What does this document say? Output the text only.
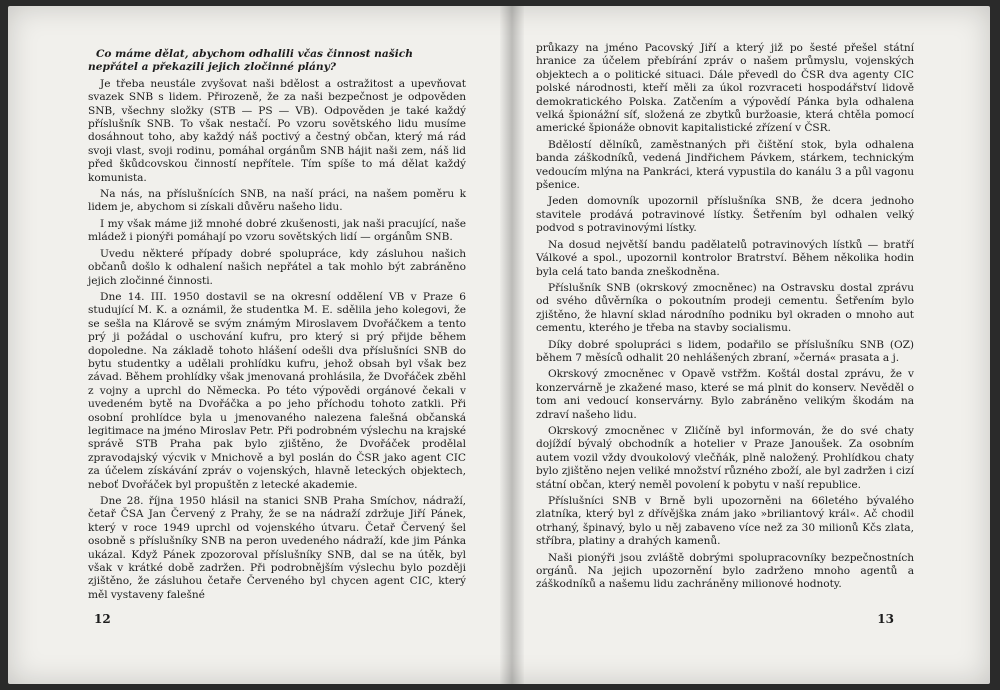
Co máme dělat, abychom odhalili včas činnost našich nepřátel a překazili jejich zločinné plány?

Je třeba neustále zvyšovat naši bdělost a ostražitost a upevňovat svazek SNB s lidem. Přirozeně, že za naši bezpečnost je odpověden SNB, všechny složky (STB — PS — VB). Odpověden je také každý příslušník SNB. To však nestačí. Po vzoru sovětského lidu musíme dosáhnout toho, aby každý náš poctivý a čestný občan, který má rád svoji vlast, svoji rodinu, pomáhal orgánům SNB hájit naši zem, náš lid před škůdcovskou činností nepřítele. Tím spíše to má dělat každý komunista.

Na nás, na příslušnících SNB, na naší práci, na našem poměru k lidem je, abychom si získali důvěru našeho lidu.

I my však máme již mnohé dobré zkušenosti, jak naši pracující, naše mládež i pionýři pomáhají po vzoru sovětských lidí — orgánům SNB.

Uvedu některé případy dobré spolupráce, kdy zásluhou našich občanů došlo k odhalení našich nepřátel a tak mohlo být zabráněno jejich zločinné činnosti.

Dne 14. III. 1950 dostavil se na okresní oddělení VB v Praze 6 studující M. K. a oznámil, že studentka M. E. sdělila jeho kolegovi, že se sešla na Klárově se svým známým Miroslavem Dvořáčkem a tento prý ji požádal o uschování kufru, pro který si prý přijde během dopoledne. Na základě tohoto hlášení odešli dva příslušníci SNB do bytu studentky a udělali prohlídku kufru, jehož obsah byl však bez závad. Během prohlídky však jmenovaná prohlásila, že Dvořáček zběhl z vojny a uprchl do Německa. Po této výpovědi orgánové čekali v uvedeném bytě na Dvořáčka a po jeho příchodu tohoto zatkli. Při osobní prohlídce byla u jmenovaného nalezena falešná občanská legitimace na jméno Miroslav Petr. Při podrobném výslechu na krajské správě STB Praha pak bylo zjištěno, že Dvořáček prodělal zpravodajský výcvik v Mnichově a byl poslán do ČSR jako agent CIC za účelem získávání zpráv o vojenských, hlavně leteckých objektech, neboť Dvořáček byl propuštěn z letecké akademie.

Dne 28. října 1950 hlásil na stanici SNB Praha Smíchov, nádraží, četař ČSA Jan Červený z Prahy, že se na nádraží zdržuje Jiří Pánek, který v roce 1949 uprchl od vojenského útvaru. Četař Červený šel osobně s příslušníky SNB na peron uvedeného nádraží, kde jim Pánka ukázal. Když Pánek zpozoroval příslušníky SNB, dal se na útěk, byl však v krátké době zadržen. Při podrobnějším výslechu bylo později zjištěno, že zásluhou četaře Červeného byl chycen agent CIC, který měl vystaveny falešné

12

průkazy na jméno Pacovský Jiří a který již po šesté přešel státní hranice za účelem přebírání zpráv o našem průmyslu, vojenských objektech a o politické situaci. Dále převedl do ČSR dva agenty CIC polské národnosti, kteří měli za úkol rozvraceti hospodářství lidově demokratického Polska. Zatčením a výpovědí Pánka byla odhalena velká špionážní síť, složená ze zbytků buržoasie, která chtěla pomocí americké špionáže obnovit kapitalistické zřízení v ČSR.

Bdělostí dělníků, zaměstnaných při čištění stok, byla odhalena banda záškodníků, vedená Jindřichem Pávkem, stárkem, technickým vedoucím mlýna na Pankráci, která vypustila do kanálu 3 a půl vagonu pšenice.

Jeden domovník upozornil příslušníka SNB, že dcera jednoho stavitele prodává potravinové lístky. Šetřením byl odhalen velký podvod s potravinovými lístky.

Na dosud největší bandu padělatelů potravinových lístků — bratří Válkové a spol., upozornil kontrolor Bratrství. Během několika hodin byla celá tato banda zneškodněna.

Příslušník SNB (okrskový zmocněnec) na Ostravsku dostal zprávu od svého důvěrníka o pokoutním prodeji cementu. Šetřením bylo zjištěno, že hlavní sklad národního podniku byl okraden o mnoho aut cementu, kterého je třeba na stavby socialismu.

Díky dobré spolupráci s lidem, podařilo se příslušníku SNB (OZ) během 7 měsíců odhalit 20 nehlášených zbraní, »černá« prasata a j.

Okrskový zmocněnec v Opavě vstřžm. Koštál dostal zprávu, že v konzervárně je zkažené maso, které se má plnit do konserv. Nevěděl o tom ani vedoucí konservárny. Bylo zabráněno velikým škodám na zdraví našeho lidu.

Okrskový zmocněnec v Zličíně byl informován, že do své chaty dojíždí bývalý obchodník a hotelier v Praze Janoušek. Za osobním autem vozil vždy dvoukolový vlečňák, plně naložený. Prohlídkou chaty bylo zjištěno nejen veliké množství různého zboží, ale byl zadržen i cizí státní občan, který neměl povolení k pobytu v naší republice.

Příslušníci SNB v Brně byli upozorněni na 66letého bývalého zlatníka, který byl z dřívějška znám jako »briliantový král«. Ač chodil otrhaný, špinavý, bylo u něj zabaveno více než za 30 milionů Kčs zlata, stříbra, platiny a drahých kamenů.

Naši pionýři jsou zvláště dobrými spolupracovníky bezpečnostních orgánů. Na jejich upozornění bylo zadrženo mnoho agentů a záškodníků a našemu lidu zachráněny milionové hodnoty.

13
